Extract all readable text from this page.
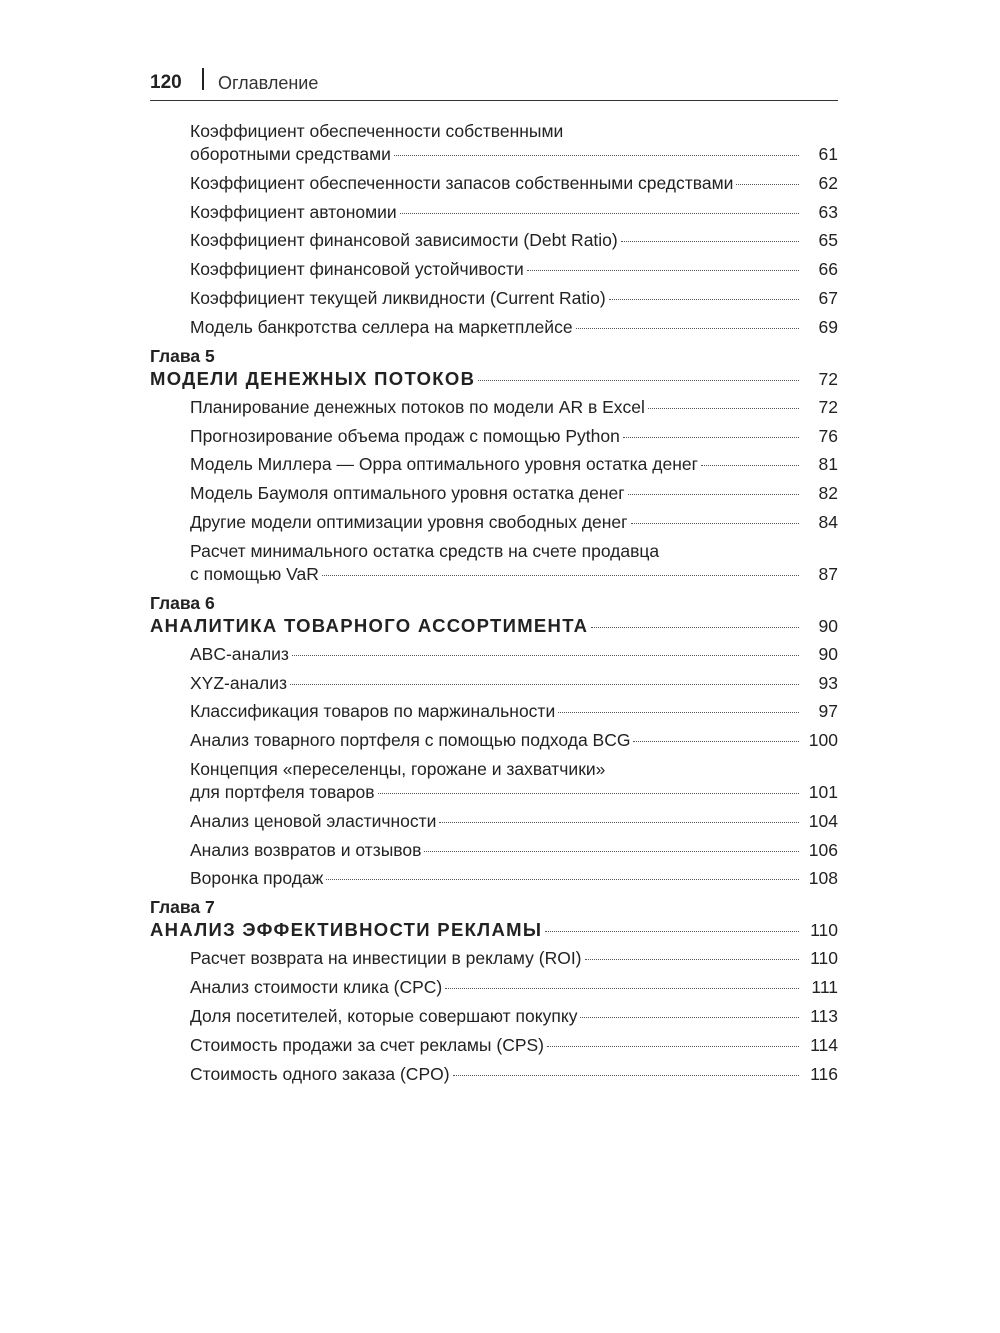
120 Оглавление
Коэффициент обеспеченности собственными
оборотными средствами	61
Коэффициент обеспеченности запасов собственными средствами	62
Коэффициент автономии	63
Коэффициент финансовой зависимости (Debt Ratio)	65
Коэффициент финансовой устойчивости	66
Коэффициент текущей ликвидности (Current Ratio)	67
Модель банкротства селлера на маркетплейсе	69
Глава 5
МОДЕЛИ ДЕНЕЖНЫХ ПОТОКОВ	72
Планирование денежных потоков по модели AR в Excel	72
Прогнозирование объема продаж с помощью Python	76
Модель Миллера — Орра оптимального уровня остатка денег	81
Модель Баумоля оптимального уровня остатка денег	82
Другие модели оптимизации уровня свободных денег	84
Расчет минимального остатка средств на счете продавца
с помощью VaR	87
Глава 6
АНАЛИТИКА ТОВАРНОГО АССОРТИМЕНТА	90
ABC-анализ	90
XYZ-анализ	93
Классификация товаров по маржинальности	97
Анализ товарного портфеля с помощью подхода BCG	100
Концепция «переселенцы, горожане и захватчики»
для портфеля товаров	101
Анализ ценовой эластичности	104
Анализ возвратов и отзывов	106
Воронка продаж	108
Глава 7
АНАЛИЗ ЭФФЕКТИВНОСТИ РЕКЛАМЫ	110
Расчет возврата на инвестиции в рекламу (ROI)	110
Анализ стоимости клика (CPC)	111
Доля посетителей, которые совершают покупку	113
Стоимость продажи за счет рекламы (CPS)	114
Стоимость одного заказа (CPO)	116
